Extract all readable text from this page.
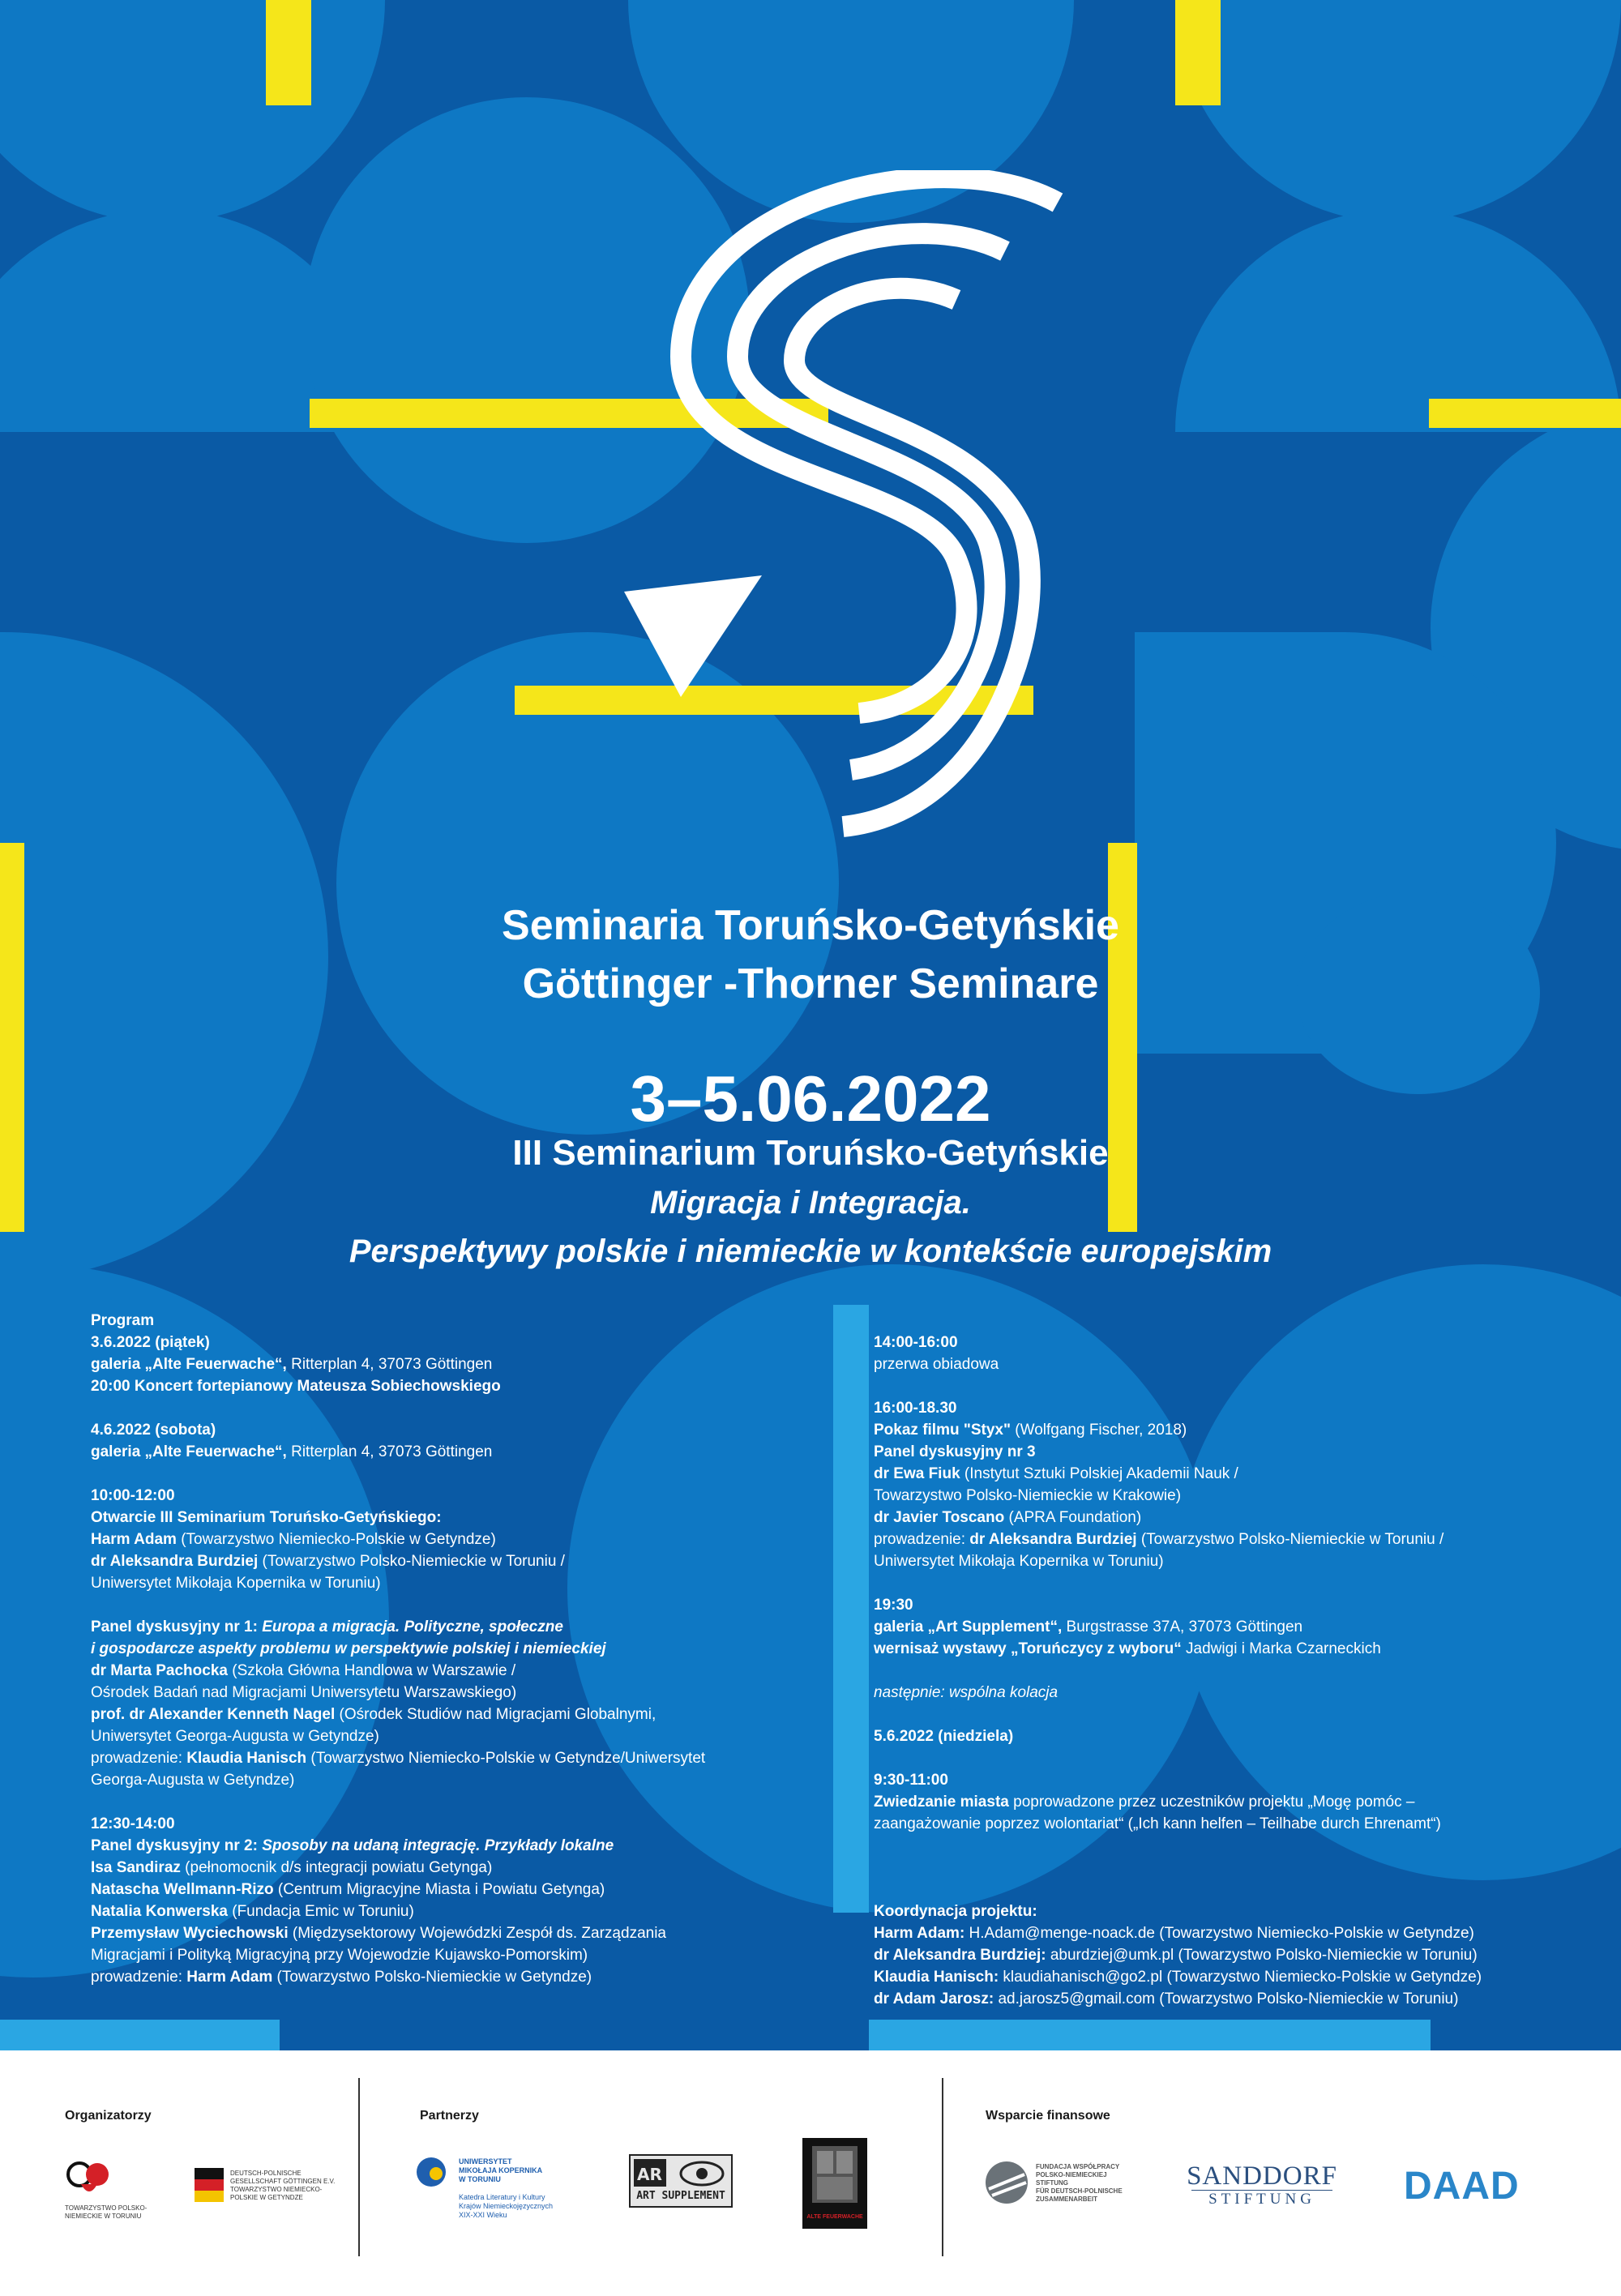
Seminaria Toruńsko-Getyńskie
Göttinger -Thorner Seminare
3–5.06.2022
III Seminarium Toruńsko-Getyńskie
Migracja i Integracja.
Perspektywy polskie i niemieckie w kontekście europejskim
Program
3.6.2022 (piątek)
galeria „Alte Feuerwache“, Ritterplan 4, 37073 Göttingen

20:00 Koncert fortepianowy Mateusza Sobiechowskiego

4.6.2022 (sobota)

galeria „Alte Feuerwache“, Ritterplan 4, 37073 Göttingen

10:00-12:00
Otwarcie III Seminarium Toruńsko-Getyńskiego:
Harm Adam (Towarzystwo Niemiecko-Polskie w Getyndze)
dr Aleksandra Burdziej (Towarzystwo Polsko-Niemieckie w Toruniu /

Uniwersytet Mikołaja Kopernika w Toruniu)

Panel dyskusyjny nr 1: Europa a migracja. Polityczne, społeczne
i gospodarcze aspekty problemu w perspektywie polskiej i niemieckiej
dr Marta Pachocka (Szkoła Główna Handlowa w Warszawie /
Ośrodek Badań nad Migracjami Uniwersytetu Warszawskiego)
prof. dr Alexander Kenneth Nagel (Ośrodek Studiów nad Migracjami Globalnymi,
Uniwersytet Georga-Augusta w Getyndze)
prowadzenie: Klaudia Hanisch (Towarzystwo Niemiecko-Polskie w Getyndze/Uniwersytet

Georga-Augusta w Getyndze)

12:30-14:00
Panel dyskusyjny nr 2: Sposoby na udaną integrację. Przykłady lokalne
Isa Sandiraz (pełnomocnik d/s integracji powiatu Getynga)
Natascha Wellmann-Rizo (Centrum Migracyjne Miasta i Powiatu Getynga)
Natalia Konwerska (Fundacja Emic w Toruniu)
Przemysław Wyciechowski (Międzysektorowy Wojewódzki Zespół ds. Zarządzania
Migracjami i Polityką Migracyjną przy Wojewodzie Kujawsko-Pomorskim)
prowadzenie: Harm Adam (Towarzystwo Polsko-Niemieckie w Getyndze)
14:00-16:00

przerwa obiadowa

16:00-18.30
Pokaz filmu "Styx" (Wolfgang Fischer, 2018)
Panel dyskusyjny nr 3
dr Ewa Fiuk (Instytut Sztuki Polskiej Akademii Nauk /
Towarzystwo Polsko-Niemieckie w Krakowie)
dr Javier Toscano (APRA Foundation)
prowadzenie: dr Aleksandra Burdziej (Towarzystwo Polsko-Niemieckie w Toruniu /

Uniwersytet Mikołaja Kopernika w Toruniu)

19:30
galeria „Art Supplement“, Burgstrasse 37A, 37073 Göttingen

wernisaż wystawy „Toruńczycy z wyboru“ Jadwigi i Marka Czarneckich

następnie: wspólna kolacja

5.6.2022 (niedziela)

9:30-11:00
Zwiedzanie miasta poprowadzone przez uczestników projektu „Mogę pomóc –
zaangażowanie poprzez wolontariat“ („Ich kann helfen – Teilhabe durch Ehrenamt“)
Koordynacja projektu:
Harm Adam: H.Adam@menge-noack.de (Towarzystwo Niemiecko-Polskie w Getyndze)
dr Aleksandra Burdziej: aburdziej@umk.pl (Towarzystwo Polsko-Niemieckie w Toruniu)
Klaudia Hanisch: klaudiahanisch@go2.pl (Towarzystwo Niemiecko-Polskie w Getyndze)
dr Adam Jarosz: ad.jarosz5@gmail.com (Towarzystwo Polsko-Niemieckie w Toruniu)
Organizatorzy	Partnerzy	Wsparcie finansowe
TOWARZYSTWO POLSKO-NIEMIECKIE W TORUNIU
DEUTSCH-POLNISCHE
GESELLSCHAFT GÖTTINGEN E.V.
TOWARZYSTWO NIEMIECKO-
POLSKIE W GETYNDZE
UNIWERSYTET
MIKOŁAJA KOPERNIKA
W TORUNIU
Katedra Literatury i Kultury
Krajów Niemieckojęzycznych
XIX-XXI Wieku
AR
ART SUPPLEMENT
ALTE FEUERWACHE
FUNDACJA WSPÓŁPRACY
POLSKO-NIEMIECKIEJ
STIFTUNG
FÜR DEUTSCH-POLNISCHE
ZUSAMMENARBEIT
SANDDORF
STIFTUNG	DAAD
